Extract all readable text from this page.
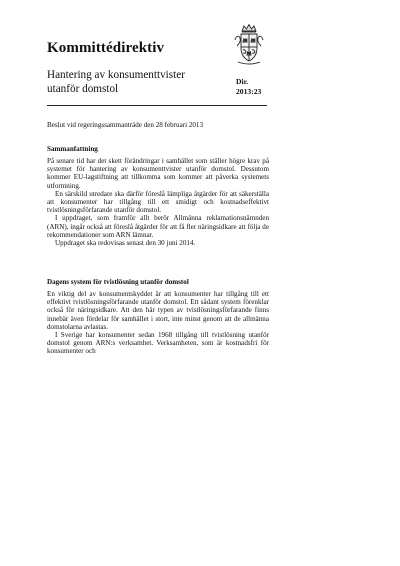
Kommittédirektiv
Hantering av konsumenttvister
utanför domstol
Dir.
2013:23
Beslut vid regeringssammanträde den 28 februari 2013
Sammanfattning

På senare tid har det skett förändringar i samhället som ställer högre krav på systemet för hantering av konsumenttvister utanför domstol. Dessutom kommer EU-lagstiftning att tillkomma som kommer att påverka systemets utformning.

En särskild utredare ska därför föreslå lämpliga åtgärder för att säkerställa att konsumenter har tillgång till ett smidigt och kostnadseffektivt tvistlösningsförfarande utanför domstol.

I uppdraget, som framför allt berör Allmänna reklamationsnämnden (ARN), ingår också att föreslå åtgärder för att få fler näringsidkare att följa de rekommendationer som ARN lämnar.

Uppdraget ska redovisas senast den 30 juni 2014.

Dagens system för tvistlösning utanför domstol

En viktig del av konsumentskyddet är att konsumenter har tillgång till ett effektivt tvistlösningsförfarande utanför domstol. Ett sådant system förenklar också för näringsidkare. Att den här typen av tvistlösningsförfarande finns innebär även fördelar för samhället i stort, inte minst genom att de allmänna domstolarna avlastas.

I Sverige har konsumenter sedan 1968 tillgång till tvistlösning utanför domstol genom ARN:s verksamhet. Verksamheten, som är kostnadsfri för konsumenter och
